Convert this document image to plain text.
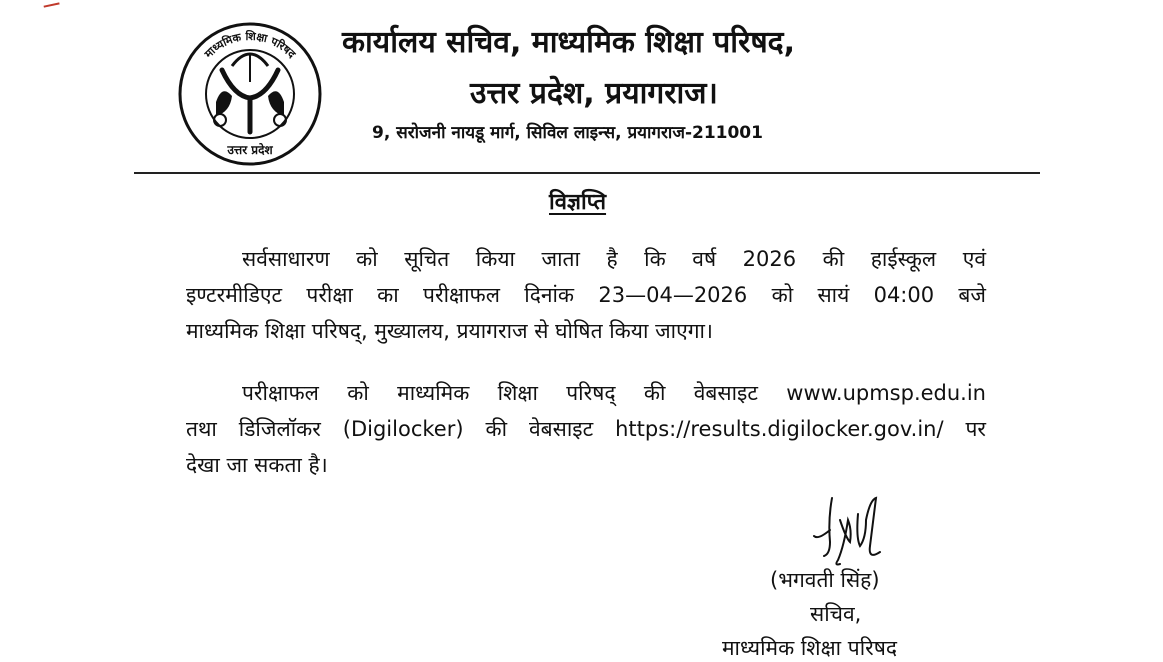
माध्यमिक शिक्षा परिषद
उत्तर प्रदेश
कार्यालय सचिव, माध्यमिक शिक्षा परिषद,
उत्तर प्रदेश, प्रयागराज।
9, सरोजनी नायडू मार्ग, सिविल लाइन्स, प्रयागराज-211001
विज्ञप्ति
सर्वसाधारण को सूचित किया जाता है कि वर्ष 2026 की हाईस्कूल एवं
इण्टरमीडिएट परीक्षा का परीक्षाफल दिनांक 23—04—2026 को सायं 04:00 बजे
माध्यमिक शिक्षा परिषद्, मुख्यालय, प्रयागराज से घोषित किया जाएगा।
परीक्षाफल को माध्यमिक शिक्षा परिषद् की वेबसाइट www.upmsp.edu.in
तथा डिजिलॉकर (Digilocker) की वेबसाइट https://results.digilocker.gov.in/ पर
देखा जा सकता है।
(भगवती सिंह)
सचिव,
माध्यमिक शिक्षा परिषद
